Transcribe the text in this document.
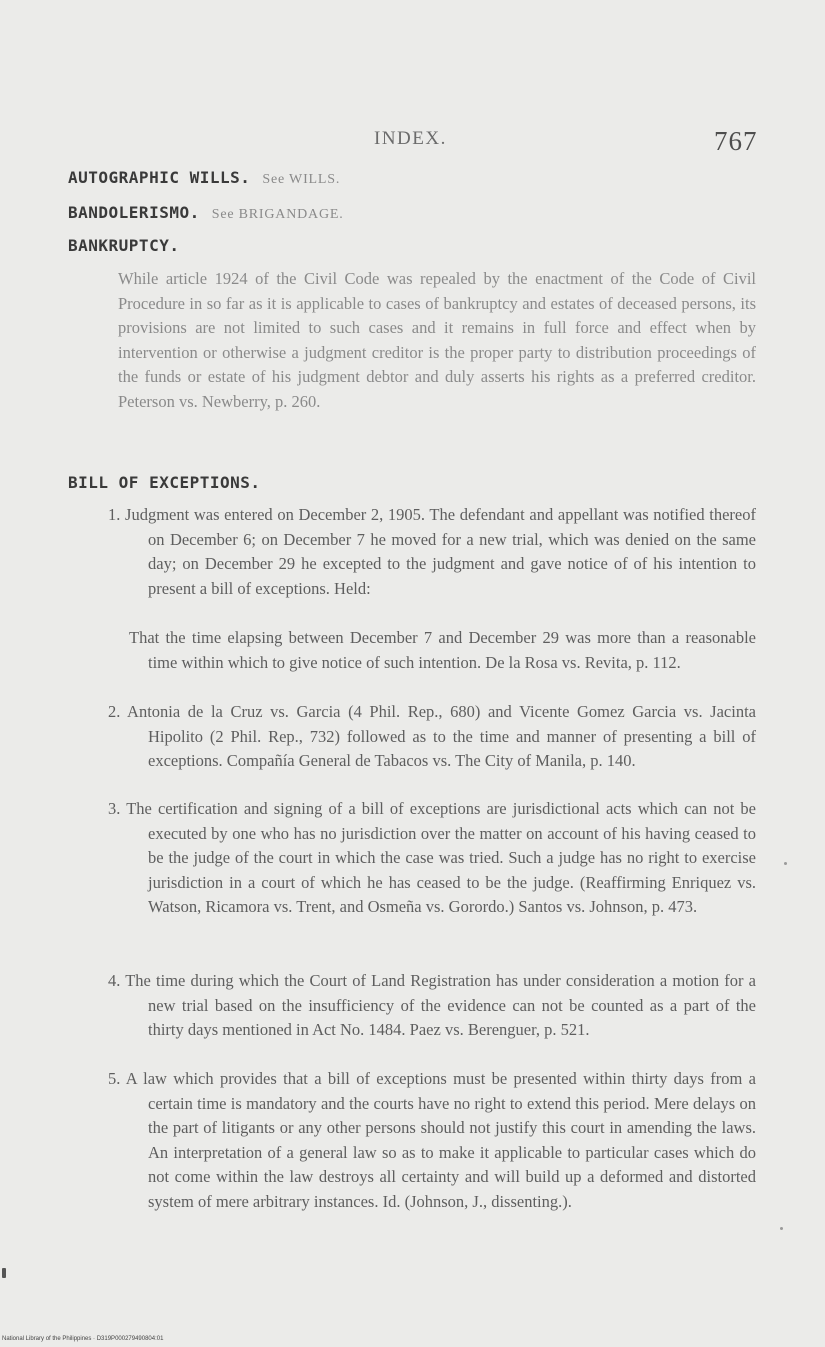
INDEX.	767
AUTOGRAPHIC WILLS. See WILLS.
BANDOLERISMO. See BRIGANDAGE.
BANKRUPTCY.
While article 1924 of the Civil Code was repealed by the enactment of the Code of Civil Procedure in so far as it is applicable to cases of bankruptcy and estates of deceased persons, its provisions are not limited to such cases and it remains in full force and effect when by intervention or otherwise a judgment creditor is the proper party to distribution proceedings of the funds or estate of his judgment debtor and duly asserts his rights as a preferred creditor. Peterson vs. Newberry, p. 260.
BILL OF EXCEPTIONS.
1. Judgment was entered on December 2, 1905. The defendant and appellant was notified thereof on December 6; on December 7 he moved for a new trial, which was denied on the same day; on December 29 he excepted to the judgment and gave notice of of his intention to present a bill of exceptions. Held:
That the time elapsing between December 7 and December 29 was more than a reasonable time within which to give notice of such intention. De la Rosa vs. Revita, p. 112.
2. Antonia de la Cruz vs. Garcia (4 Phil. Rep., 680) and Vicente Gomez Garcia vs. Jacinta Hipolito (2 Phil. Rep., 732) followed as to the time and manner of presenting a bill of exceptions. Compañía General de Tabacos vs. The City of Manila, p. 140.
3. The certification and signing of a bill of exceptions are jurisdictional acts which can not be executed by one who has no jurisdiction over the matter on account of his having ceased to be the judge of the court in which the case was tried. Such a judge has no right to exercise jurisdiction in a court of which he has ceased to be the judge. (Reaffirming Enriquez vs. Watson, Ricamora vs. Trent, and Osmeña vs. Gorordo.) Santos vs. Johnson, p. 473.
4. The time during which the Court of Land Registration has under consideration a motion for a new trial based on the insufficiency of the evidence can not be counted as a part of the thirty days mentioned in Act No. 1484. Paez vs. Berenguer, p. 521.
5. A law which provides that a bill of exceptions must be presented within thirty days from a certain time is mandatory and the courts have no right to extend this period. Mere delays on the part of litigants or any other persons should not justify this court in amending the laws. An interpretation of a general law so as to make it applicable to particular cases which do not come within the law destroys all certainty and will build up a deformed and distorted system of mere arbitrary instances. Id. (Johnson, J., dissenting.).
National Library of the Philippines · D319P000279490804:01
